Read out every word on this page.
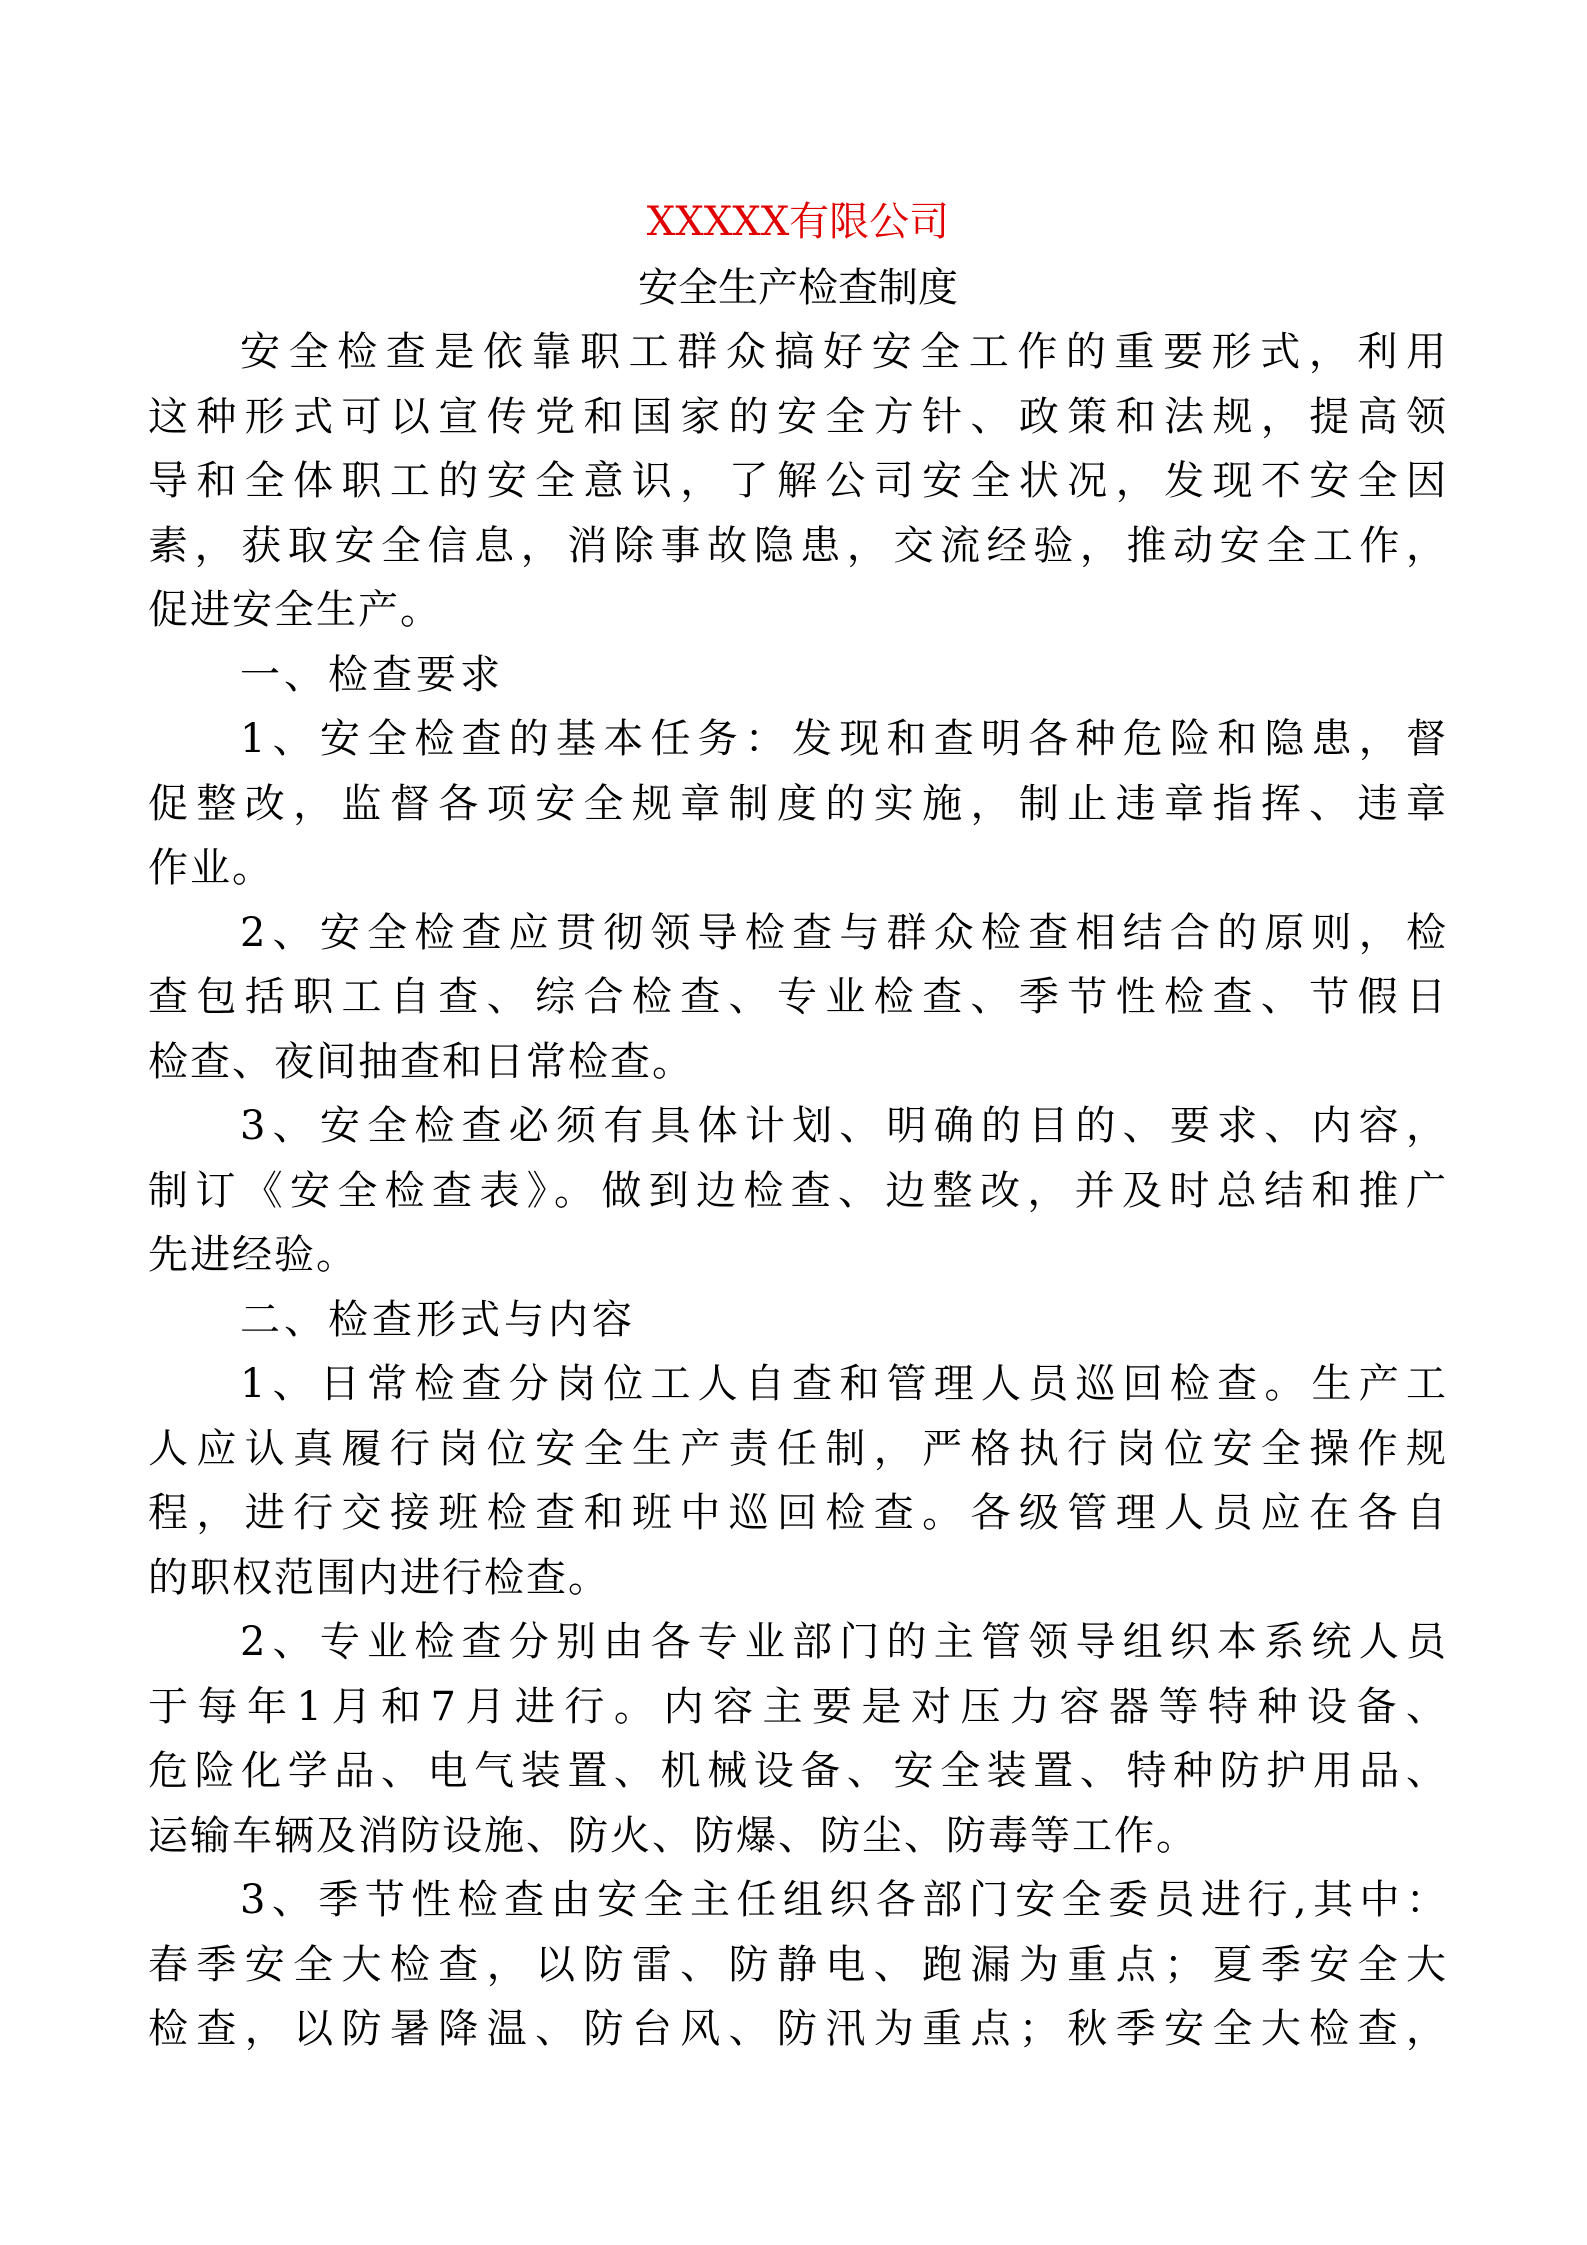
XXXXX有限公司
安全生产检查制度
安全检查是依靠职工群众搞好安全工作的重要形式，利用
这种形式可以宣传党和国家的安全方针、政策和法规，提高领
导和全体职工的安全意识，了解公司安全状况，发现不安全因
素，获取安全信息，消除事故隐患，交流经验，推动安全工作，
促进安全生产。
一、检查要求
1、安全检查的基本任务：发现和查明各种危险和隐患，督
促整改，监督各项安全规章制度的实施，制止违章指挥、违章
作业。
2、安全检查应贯彻领导检查与群众检查相结合的原则，检
查包括职工自查、综合检查、专业检查、季节性检查、节假日
检查、夜间抽查和日常检查。
3、安全检查必须有具体计划、明确的目的、要求、内容，
制订《安全检查表》。做到边检查、边整改，并及时总结和推广
先进经验。
二、检查形式与内容
1、日常检查分岗位工人自查和管理人员巡回检查。生产工
人应认真履行岗位安全生产责任制，严格执行岗位安全操作规
程，进行交接班检查和班中巡回检查。各级管理人员应在各自
的职权范围内进行检查。
2、专业检查分别由各专业部门的主管领导组织本系统人员
于每年1月和7月进行。内容主要是对压力容器等特种设备、
危险化学品、电气装置、机械设备、安全装置、特种防护用品、
运输车辆及消防设施、防火、防爆、防尘、防毒等工作。
3、季节性检查由安全主任组织各部门安全委员进行,其中：
春季安全大检查，以防雷、防静电、跑漏为重点；夏季安全大
检查，以防暑降温、防台风、防汛为重点；秋季安全大检查，
